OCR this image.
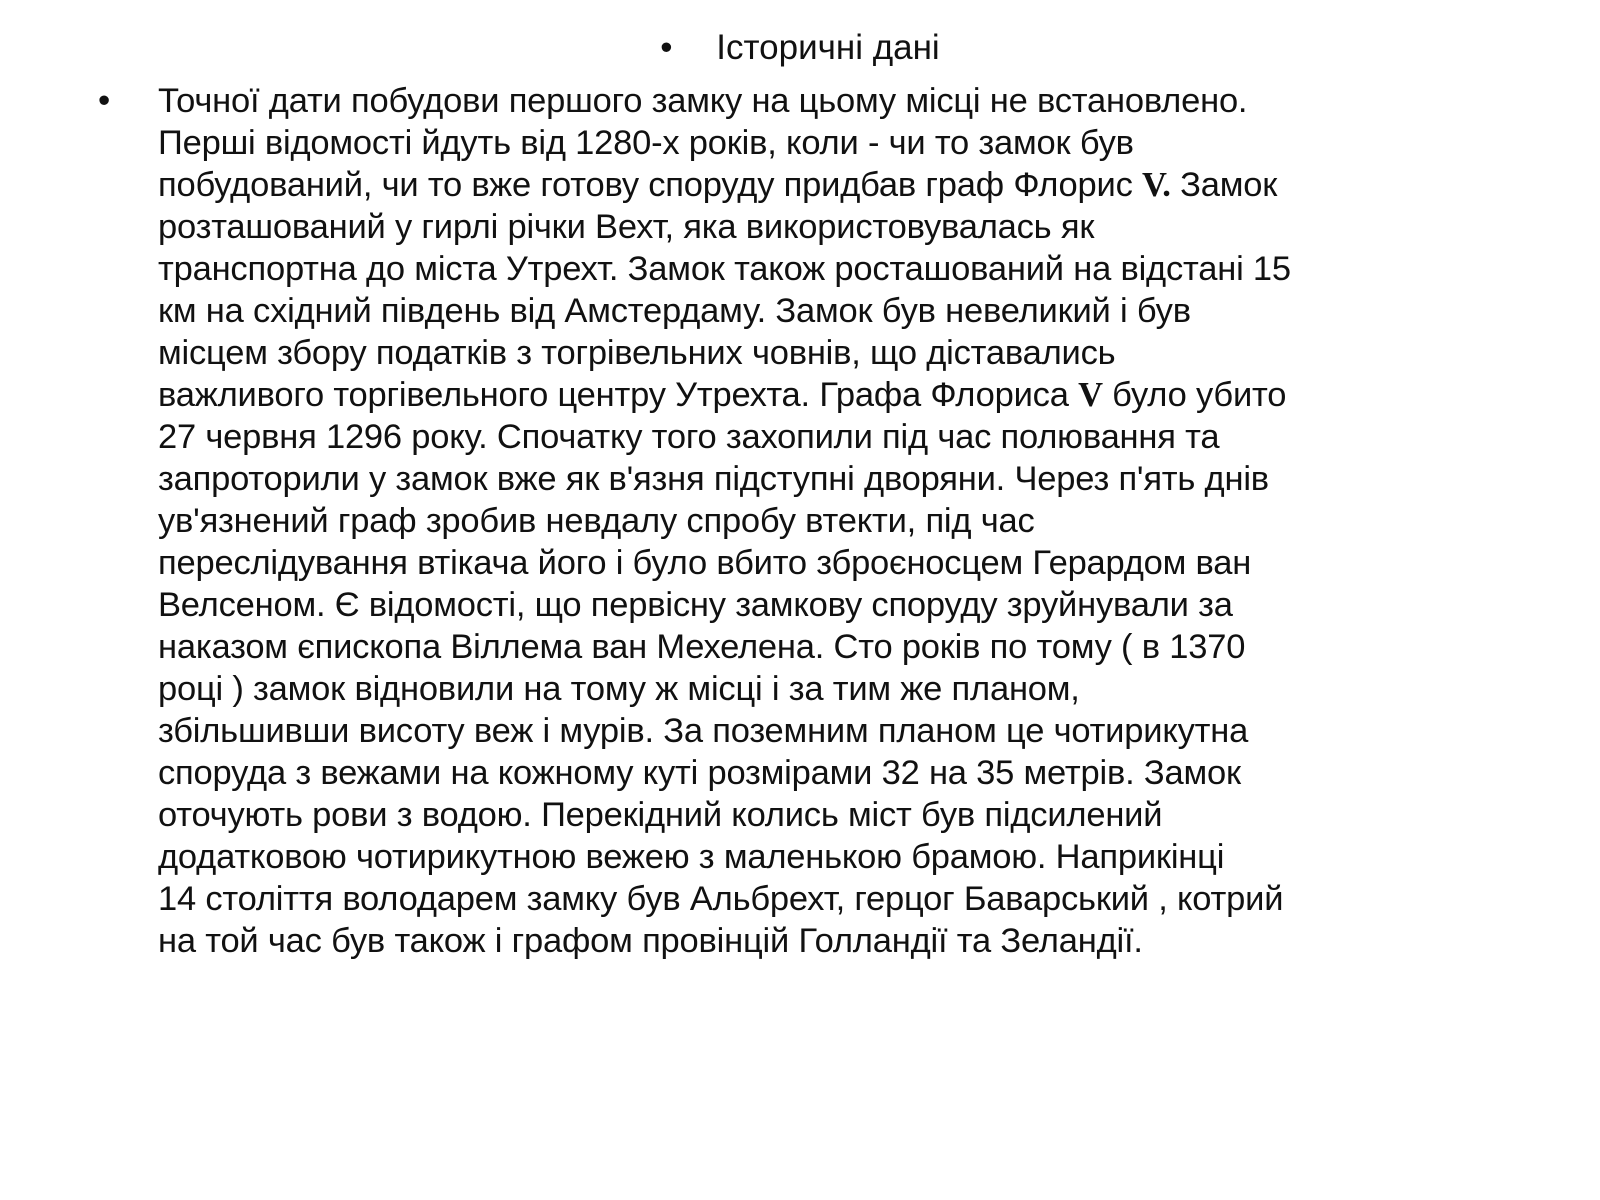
• Історичні дані
• Точної дати побудови першого замку на цьому місці не встановлено.
Перші відомості йдуть від 1280-х років, коли - чи то замок був
побудований, чи то вже готову споруду придбав граф Флорис V. Замок
розташований у гирлі річки Вехт, яка використовувалась як
транспортна до міста Утрехт. Замок також росташований на відстані 15
км на східний південь від Амстердаму. Замок був невеликий і був
місцем збору податків з тогрівельних човнів, що діставались
важливого торгівельного центру Утрехта. Графа Флориса V було убито
27 червня 1296 року. Спочатку того захопили під час полювання та
запроторили у замок вже як в'язня підступні дворяни. Через п'ять днів
ув'язнений граф зробив невдалу спробу втекти, під час
переслідування втікача його і було вбито зброєносцем Герардом ван
Велсеном. Є відомості, що первісну замкову споруду зруйнували за
наказом єпископа Віллема ван Мехелена. Сто років по тому ( в 1370
році ) замок відновили на тому ж місці і за тим же планом,
збільшивши висоту веж і мурів. За поземним планом це чотирикутна
споруда з вежами на кожному куті розмірами 32 на 35 метрів. Замок
оточують рови з водою. Перекідний колись міст був підсилений
додатковою чотирикутною вежею з маленькою брамою. Наприкінці
14 століття володарем замку був Альбрехт, герцог Баварський , котрий
на той час був також і графом провінцій Голландії та Зеландії.
